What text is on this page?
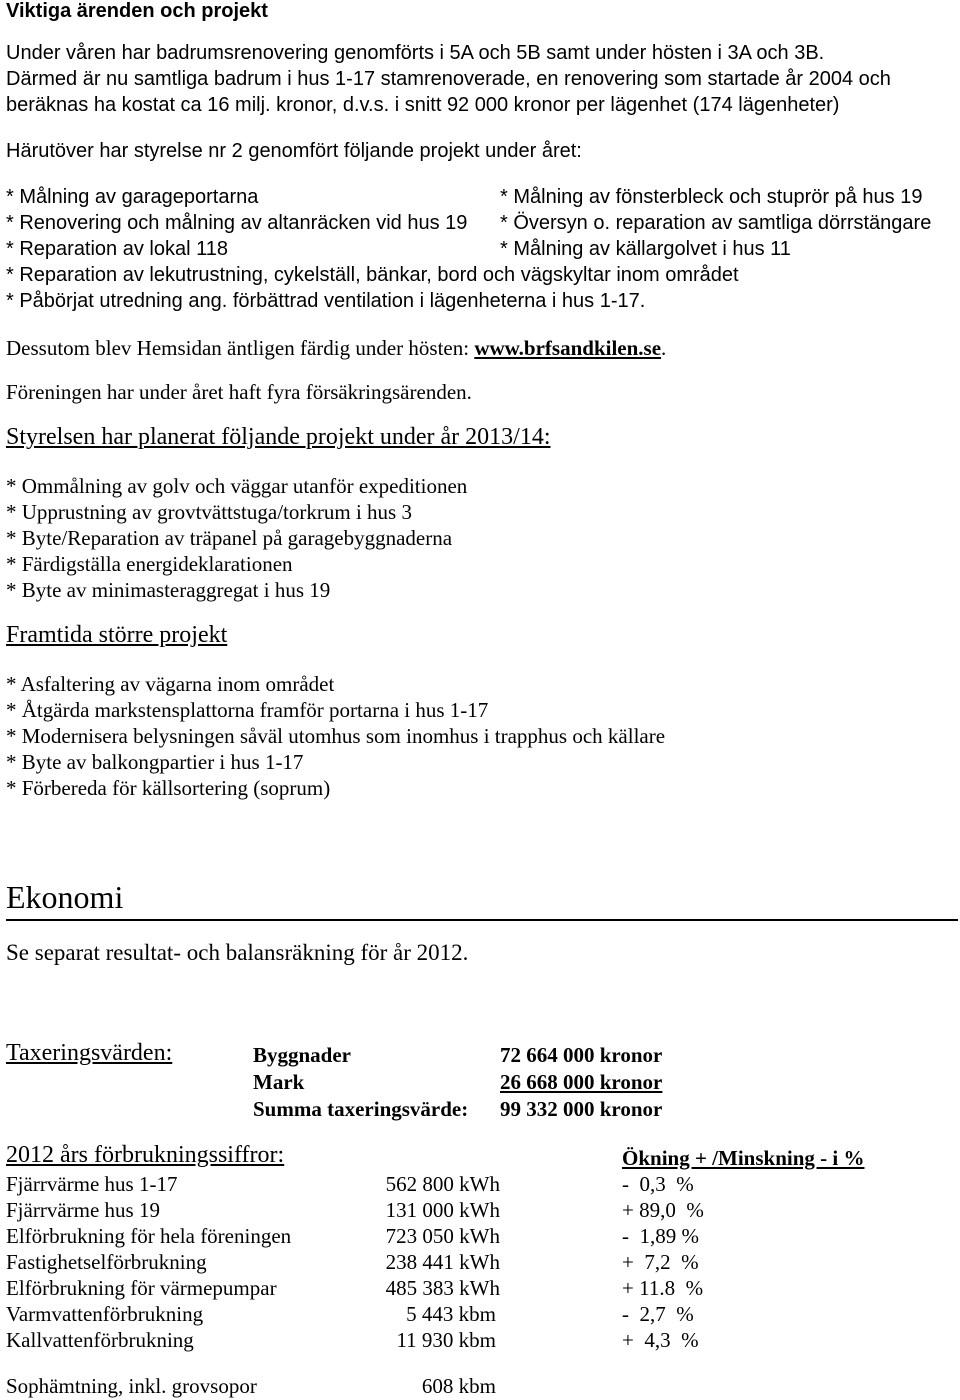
Viktiga ärenden och projekt
Under våren har badrumsrenovering genomförts i 5A och 5B samt under hösten i 3A och 3B.
Därmed är nu samtliga badrum i hus 1-17 stamrenoverade, en renovering som startade år 2004 och
beräknas ha kostat ca 16 milj. kronor, d.v.s. i snitt 92 000 kronor per lägenhet (174 lägenheter)
Härutöver har styrelse nr 2 genomfört följande projekt under året:
* Målning av garageportarna
* Renovering och målning av altanräcken vid hus 19
* Reparation av lokal 118
* Målning av fönsterbleck och stuprör på hus 19
* Översyn o. reparation av samtliga dörrstängare
* Målning av källargolvet i hus 11
* Reparation av lekutrustning, cykelställ, bänkar, bord och vägskyltar inom området
* Påbörjat utredning ang. förbättrad ventilation i lägenheterna i hus 1-17.
Dessutom blev Hemsidan äntligen färdig under hösten: www.brfsandkilen.se.
Föreningen har under året haft fyra försäkringsärenden.
Styrelsen har planerat följande projekt under år 2013/14:
* Ommålning av golv och väggar utanför expeditionen
* Upprustning av grovtvättstuga/torkrum i hus 3
* Byte/Reparation av träpanel på garagebyggnaderna
* Färdigställa energideklarationen
* Byte av minimasteraggregat i hus 19
Framtida större projekt
* Asfaltering av vägarna inom området
* Åtgärda markstensplattorna framför portarna i hus 1-17
* Modernisera belysningen såväl utomhus som inomhus i trapphus och källare
* Byte av balkongpartier i hus 1-17
* Förbereda för källsortering (soprum)
Ekonomi
Se separat resultat- och balansräkning för år 2012.
Taxeringsvärden:	Byggnader	72 664 000 kronor
Mark	26 668 000 kronor
Summa taxeringsvärde: 99 332 000 kronor
2012 års förbrukningssiffror:	Ökning + /Minskning - i %
Fjärrvärme hus 1-17	562 800 kWh	-  0,3  %
Fjärrvärme hus 19	131 000 kWh	+ 89,0  %
Elförbrukning för hela föreningen	723 050 kWh	-  1,89 %
Fastighetselförbrukning	238 441 kWh	+  7,2  %
Elförbrukning för värmepumpar	485 383 kWh	+ 11.8  %
Varmvattenförbrukning	5 443 kbm	-  2,7  %
Kallvattenförbrukning	11 930 kbm	+  4,3  %
Sophämtning, inkl. grovsopor	608 kbm
